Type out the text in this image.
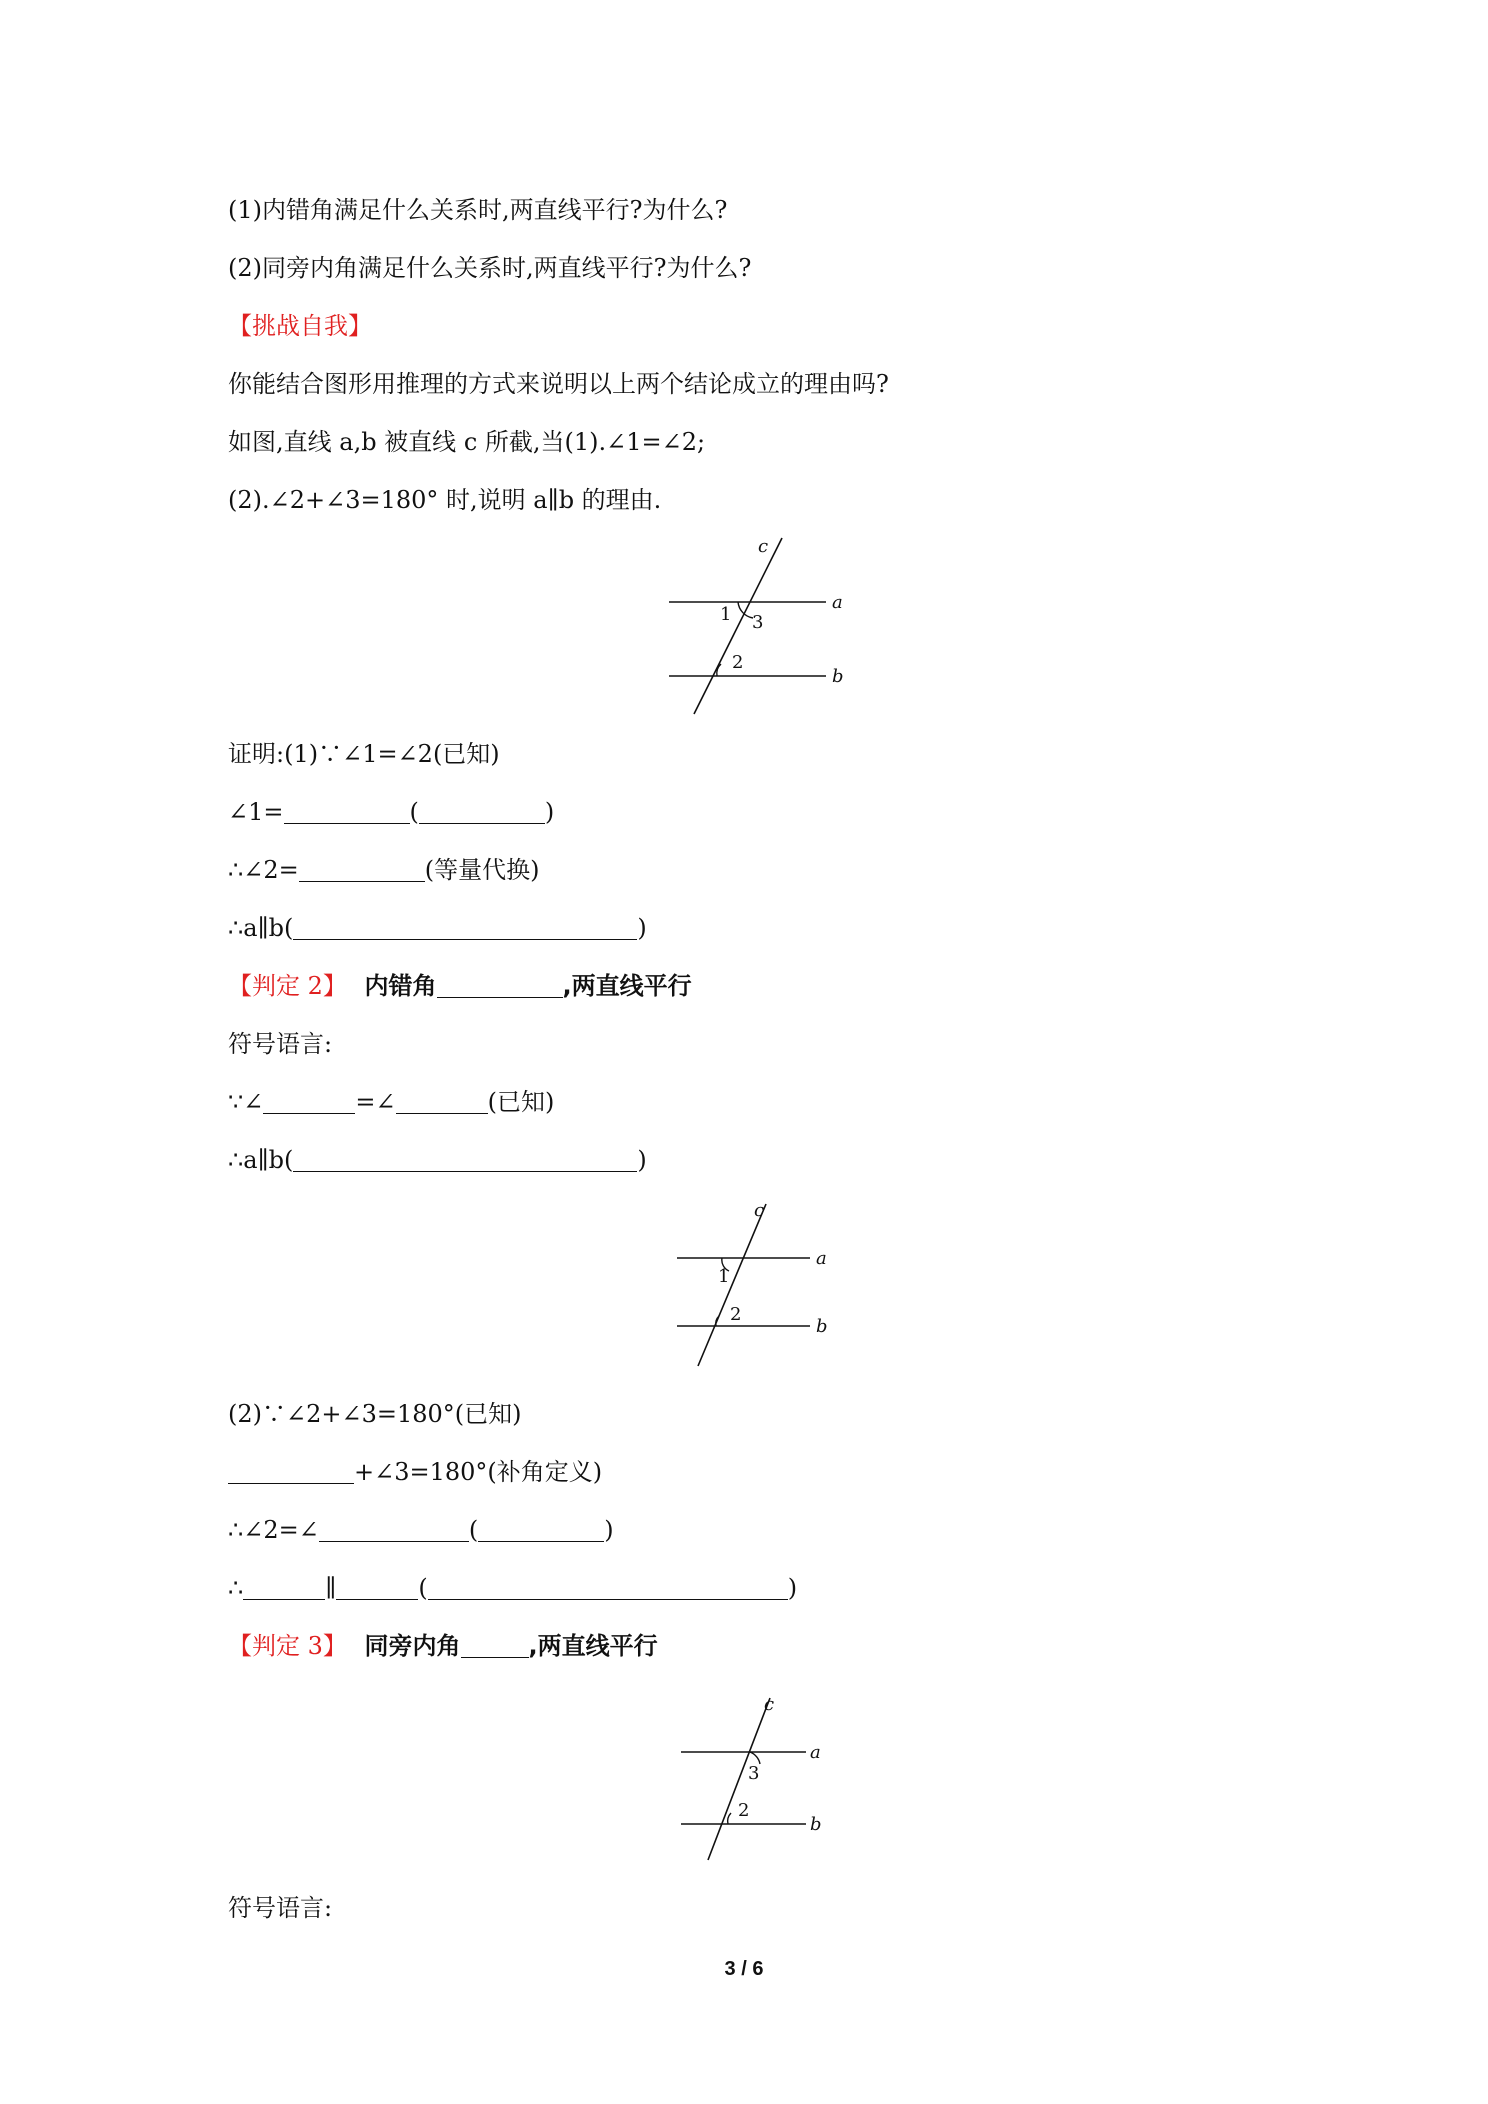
(1)内错角满足什么关系时,两直线平行?为什么?
(2)同旁内角满足什么关系时,两直线平行?为什么?
【挑战自我】
你能结合图形用推理的方式来说明以上两个结论成立的理由吗?
如图,直线 a,b 被直线 c 所截,当(1).∠1=∠2;
(2).∠2+∠3=180° 时,说明 a∥b 的理由.
c
a
b
1 3
2
证明:(1)∵∠1=∠2(已知)
∠1=	(	)
∴∠2=	(等量代换)
∴a∥b(	)
【判定 2】 内错角	,两直线平行
符号语言:
∵∠	=∠	(已知)
∴a∥b(	)
c
a
b
1
2
(2)∵∠2+∠3=180°(已知)
+∠3=180°(补角定义)
∴∠2=∠	(	)
∴	∥	(	)
【判定 3】 同旁内角	,两直线平行
c
a
b
3
2
符号语言:
3 / 6
